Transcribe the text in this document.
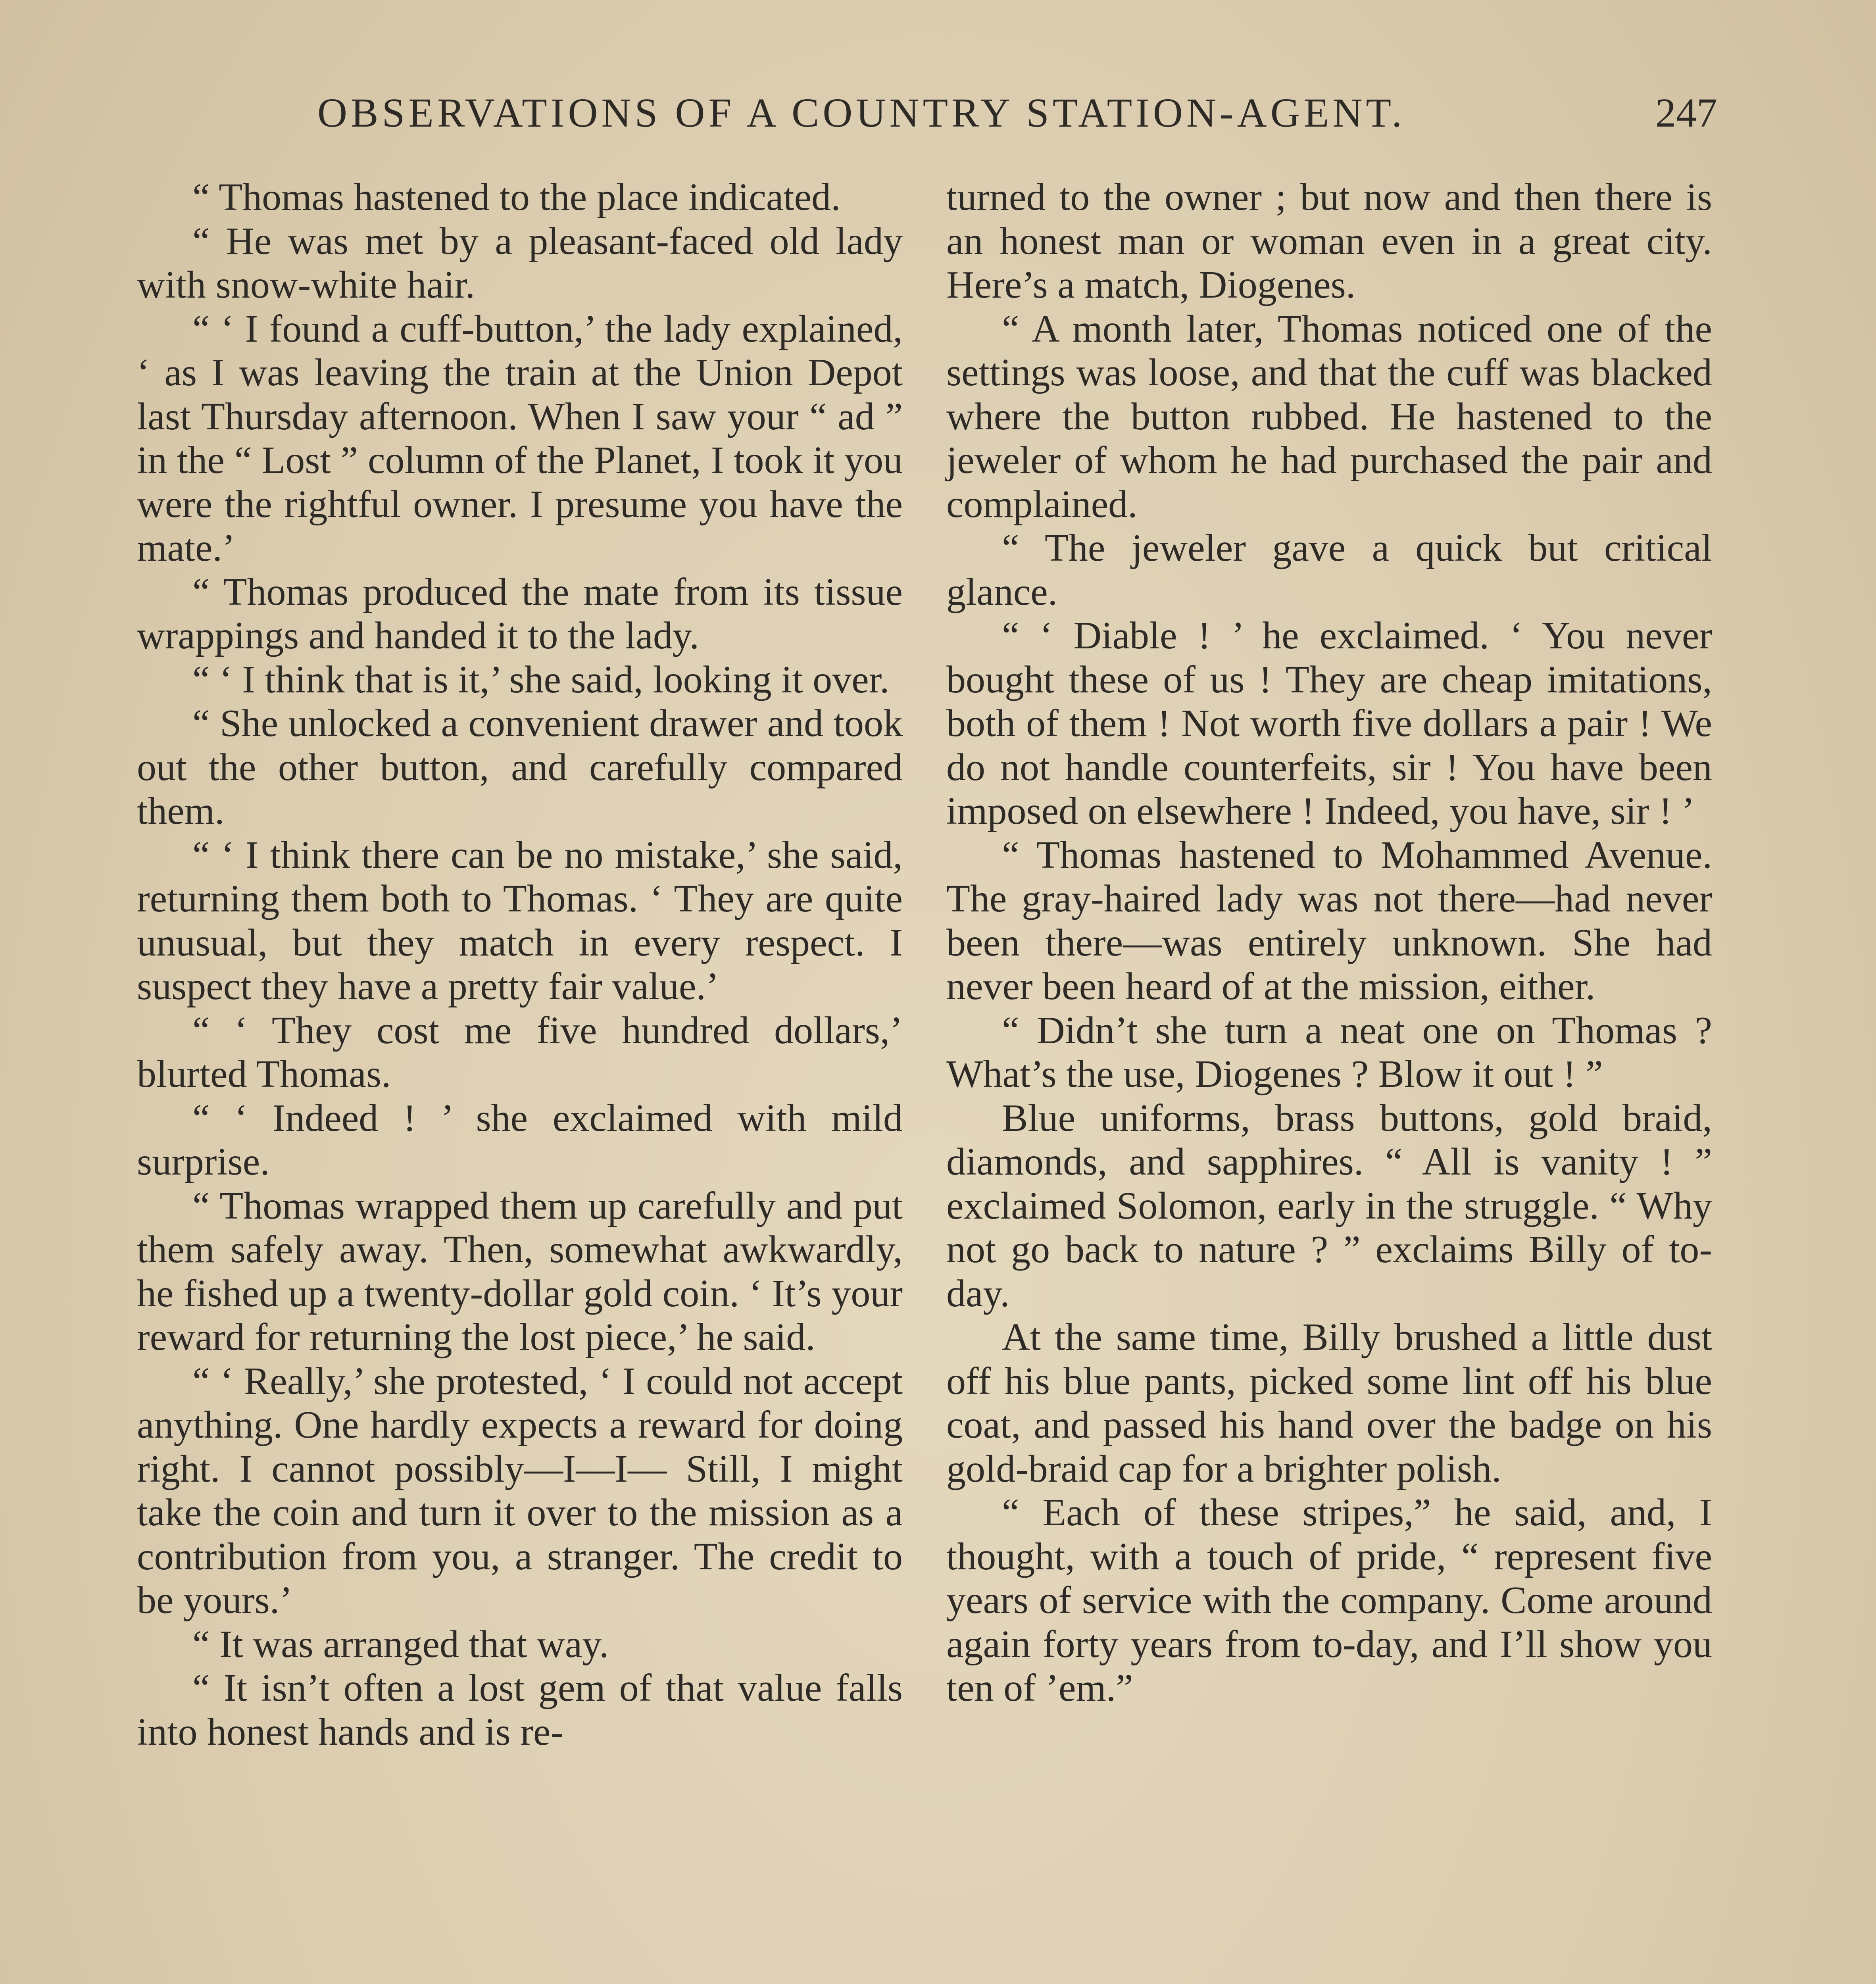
OBSERVATIONS OF A COUNTRY STATION-AGENT.	247

“ Thomas hastened to the place indicated.

“ He was met by a pleasant-faced old lady with snow-white hair.

“ ‘ I found a cuff-button,’ the lady explained, ‘ as I was leaving the train at the Union Depot last Thursday afternoon. When I saw your “ ad ” in the “ Lost ” column of the Planet, I took it you were the rightful owner. I presume you have the mate.’

“ Thomas produced the mate from its tissue wrappings and handed it to the lady.

“ ‘ I think that is it,’ she said, looking it over.

“ She unlocked a convenient drawer and took out the other button, and carefully compared them.

“ ‘ I think there can be no mistake,’ she said, returning them both to Thomas. ‘ They are quite unusual, but they match in every respect. I suspect they have a pretty fair value.’

“ ‘ They cost me five hundred dollars,’ blurted Thomas.

“ ‘ Indeed ! ’ she exclaimed with mild surprise.

“ Thomas wrapped them up carefully and put them safely away. Then, somewhat awkwardly, he fished up a twenty-dollar gold coin. ‘ It’s your reward for returning the lost piece,’ he said.

“ ‘ Really,’ she protested, ‘ I could not accept anything. One hardly expects a reward for doing right. I cannot possibly—I—I— Still, I might take the coin and turn it over to the mission as a contribution from you, a stranger. The credit to be yours.’

“ It was arranged that way.

“ It isn’t often a lost gem of that value falls into honest hands and is re-

turned to the owner ; but now and then there is an honest man or woman even in a great city. Here’s a match, Diogenes.

“ A month later, Thomas noticed one of the settings was loose, and that the cuff was blacked where the button rubbed. He hastened to the jeweler of whom he had purchased the pair and complained.

“ The jeweler gave a quick but critical glance.

“ ‘ Diable ! ’ he exclaimed. ‘ You never bought these of us ! They are cheap imitations, both of them ! Not worth five dollars a pair ! We do not handle counterfeits, sir ! You have been imposed on elsewhere ! Indeed, you have, sir ! ’

“ Thomas hastened to Mohammed Avenue. The gray-haired lady was not there—had never been there—was entirely unknown. She had never been heard of at the mission, either.

“ Didn’t she turn a neat one on Thomas ? What’s the use, Diogenes ? Blow it out ! ”

Blue uniforms, brass buttons, gold braid, diamonds, and sapphires. “ All is vanity ! ” exclaimed Solomon, early in the struggle. “ Why not go back to nature ? ” exclaims Billy of to-day.

At the same time, Billy brushed a little dust off his blue pants, picked some lint off his blue coat, and passed his hand over the badge on his gold-braid cap for a brighter polish.

“ Each of these stripes,” he said, and, I thought, with a touch of pride, “ represent five years of service with the company. Come around again forty years from to-day, and I’ll show you ten of ’em.”
